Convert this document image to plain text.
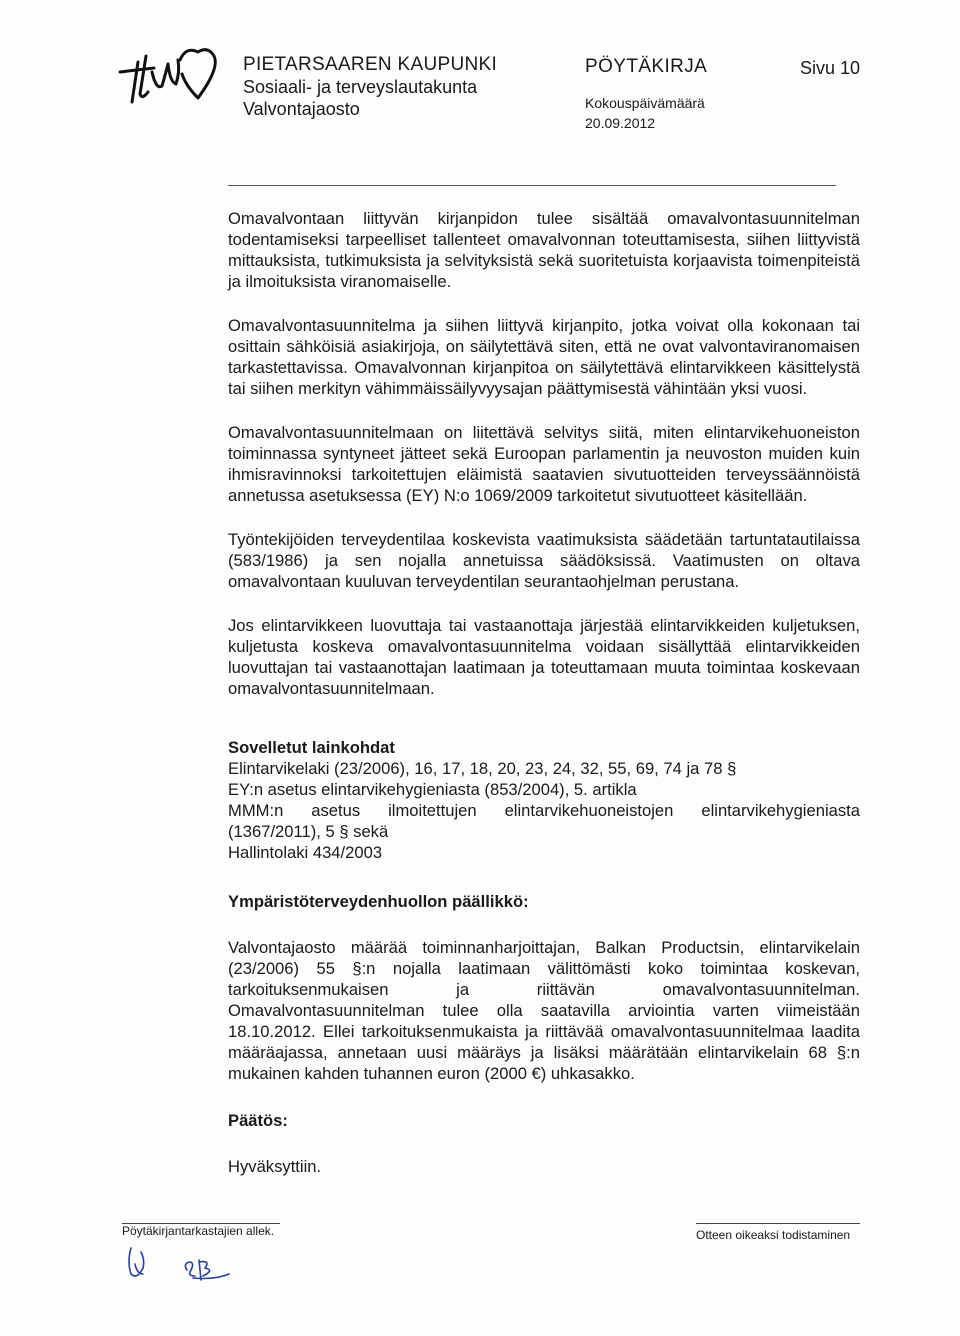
PIETARSAAREN KAUPUNKI
Sosiaali- ja terveyslautakunta
Valvontajaosto
PÖYTÄKIRJA	Sivu 10
Kokouspäivämäärä
20.09.2012

Omavalvontaan liittyvän kirjanpidon tulee sisältää omavalvontasuunnitelman todentamiseksi tarpeelliset tallenteet omavalvonnan toteuttamisesta, siihen liittyvistä mittauksista, tutkimuksista ja selvityksistä sekä suoritetuista korjaavista toimenpiteistä ja ilmoituksista viranomaiselle.

Omavalvontasuunnitelma ja siihen liittyvä kirjanpito, jotka voivat olla kokonaan tai osittain sähköisiä asiakirjoja, on säilytettävä siten, että ne ovat valvontaviranomaisen tarkastettavissa. Omavalvonnan kirjanpitoa on säilytettävä elintarvikkeen käsittelystä tai siihen merkityn vähimmäissäilyvyysajan päättymisestä vähintään yksi vuosi.

Omavalvontasuunnitelmaan on liitettävä selvitys siitä, miten elintarvikehuoneiston toiminnassa syntyneet jätteet sekä Euroopan parlamentin ja neuvoston muiden kuin ihmisravinnoksi tarkoitettujen eläimistä saatavien sivutuotteiden terveyssäännöistä annetussa asetuksessa (EY) N:o 1069/2009 tarkoitetut sivutuotteet käsitellään.

Työntekijöiden terveydentilaa koskevista vaatimuksista säädetään tartuntatautilaissa (583/1986) ja sen nojalla annetuissa säädöksissä. Vaatimusten on oltava omavalvontaan kuuluvan terveydentilan seurantaohjelman perustana.

Jos elintarvikkeen luovuttaja tai vastaanottaja järjestää elintarvikkeiden kuljetuksen, kuljetusta koskeva omavalvontasuunnitelma voidaan sisällyttää elintarvikkeiden luovuttajan tai vastaanottajan laatimaan ja toteuttamaan muuta toimintaa koskevaan omavalvontasuunnitelmaan.

Sovelletut lainkohdat

Elintarvikelaki (23/2006), 16, 17, 18, 20, 23, 24, 32, 55, 69, 74 ja 78 §
EY:n asetus elintarvikehygieniasta (853/2004), 5. artikla
MMM:n asetus ilmoitettujen elintarvikehuoneistojen elintarvikehygieniasta (1367/2011), 5 § sekä
Hallintolaki 434/2003

Ympäristöterveydenhuollon päällikkö:

Valvontajaosto määrää toiminnanharjoittajan, Balkan Productsin, elintarvikelain (23/2006) 55 §:n nojalla laatimaan välittömästi koko toimintaa koskevan, tarkoituksenmukaisen ja riittävän omavalvontasuunnitelman. Omavalvontasuunnitelman tulee olla saatavilla arviointia varten viimeistään 18.10.2012. Ellei tarkoituksenmukaista ja riittävää omavalvontasuunnitelmaa laadita määräajassa, annetaan uusi määräys ja lisäksi määrätään elintarvikelain 68 §:n mukainen kahden tuhannen euron (2000 €) uhkasakko.

Päätös:

Hyväksyttiin.

Pöytäkirjantarkastajien allek.	Otteen oikeaksi todistaminen
